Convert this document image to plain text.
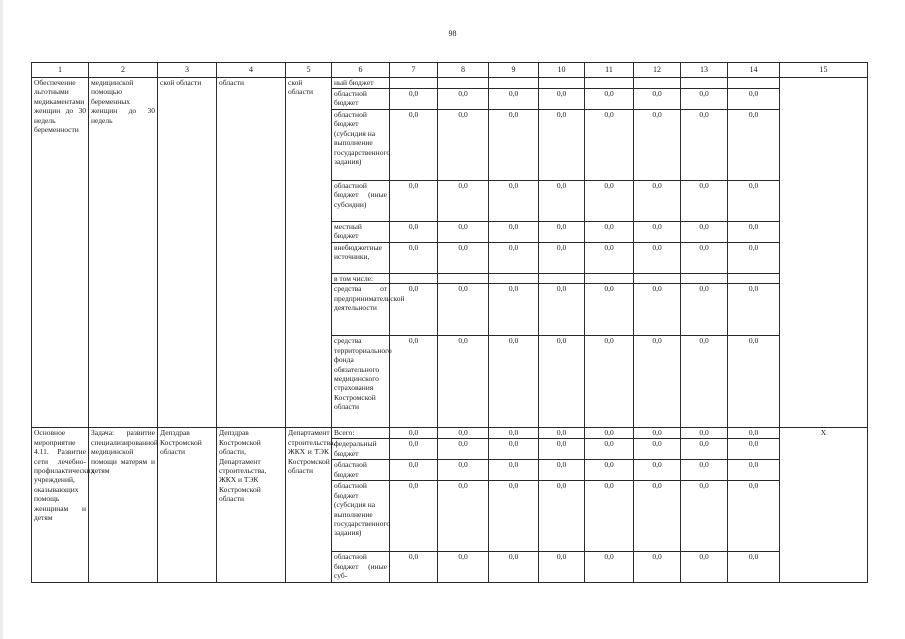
98
1	2	3	4	5	6	7	8	9	10	11	12	13	14	15
Обеспечение льготными медикаментами женщин до 30 недель беременности	медицинской помощью беременных женщин до 30 недель	ской области	области	ской области	ный бюджет									
					областной бюджет	0,0	0,0	0,0	0,0	0,0	0,0	0,0	0,0	
					областной бюджет (субсидия на выполнение государственного задания)	0,0	0,0	0,0	0,0	0,0	0,0	0,0	0,0	
					областной бюджет (иные субсидии)	0,0	0,0	0,0	0,0	0,0	0,0	0,0	0,0	
					местный бюджет	0,0	0,0	0,0	0,0	0,0	0,0	0,0	0,0	
					внебюджетные источники,	0,0	0,0	0,0	0,0	0,0	0,0	0,0	0,0	
					в том числе:									
					средства от предпринимательской деятельности	0,0	0,0	0,0	0,0	0,0	0,0	0,0	0,0	
					средства территориального фонда обязательного медицинского страхования Костромской области	0,0	0,0	0,0	0,0	0,0	0,0	0,0	0,0	
Основное мероприятие 4.11. Развитие сети лечебно-профилактических учреждений, оказывающих помощь женщинам и детям	Задача: развитие специализированной медицинской помощи матерям и детям	Депздрав Костромской области	Депздрав Костромской области, Департамент строительства, ЖКХ и ТЭК Костромской области	Департамент строительства, ЖКХ и ТЭК Костромской области	Всего:	0,0	0,0	0,0	0,0	0,0	0,0	0,0	0,0	X
					федеральный бюджет	0,0	0,0	0,0	0,0	0,0	0,0	0,0	0,0	
					областной бюджет	0,0	0,0	0,0	0,0	0,0	0,0	0,0	0,0	
					областной бюджет (субсидия на выполнение государственного задания)	0,0	0,0	0,0	0,0	0,0	0,0	0,0	0,0	
					областной бюджет (иные суб-	0,0	0,0	0,0	0,0	0,0	0,0	0,0	0,0	
